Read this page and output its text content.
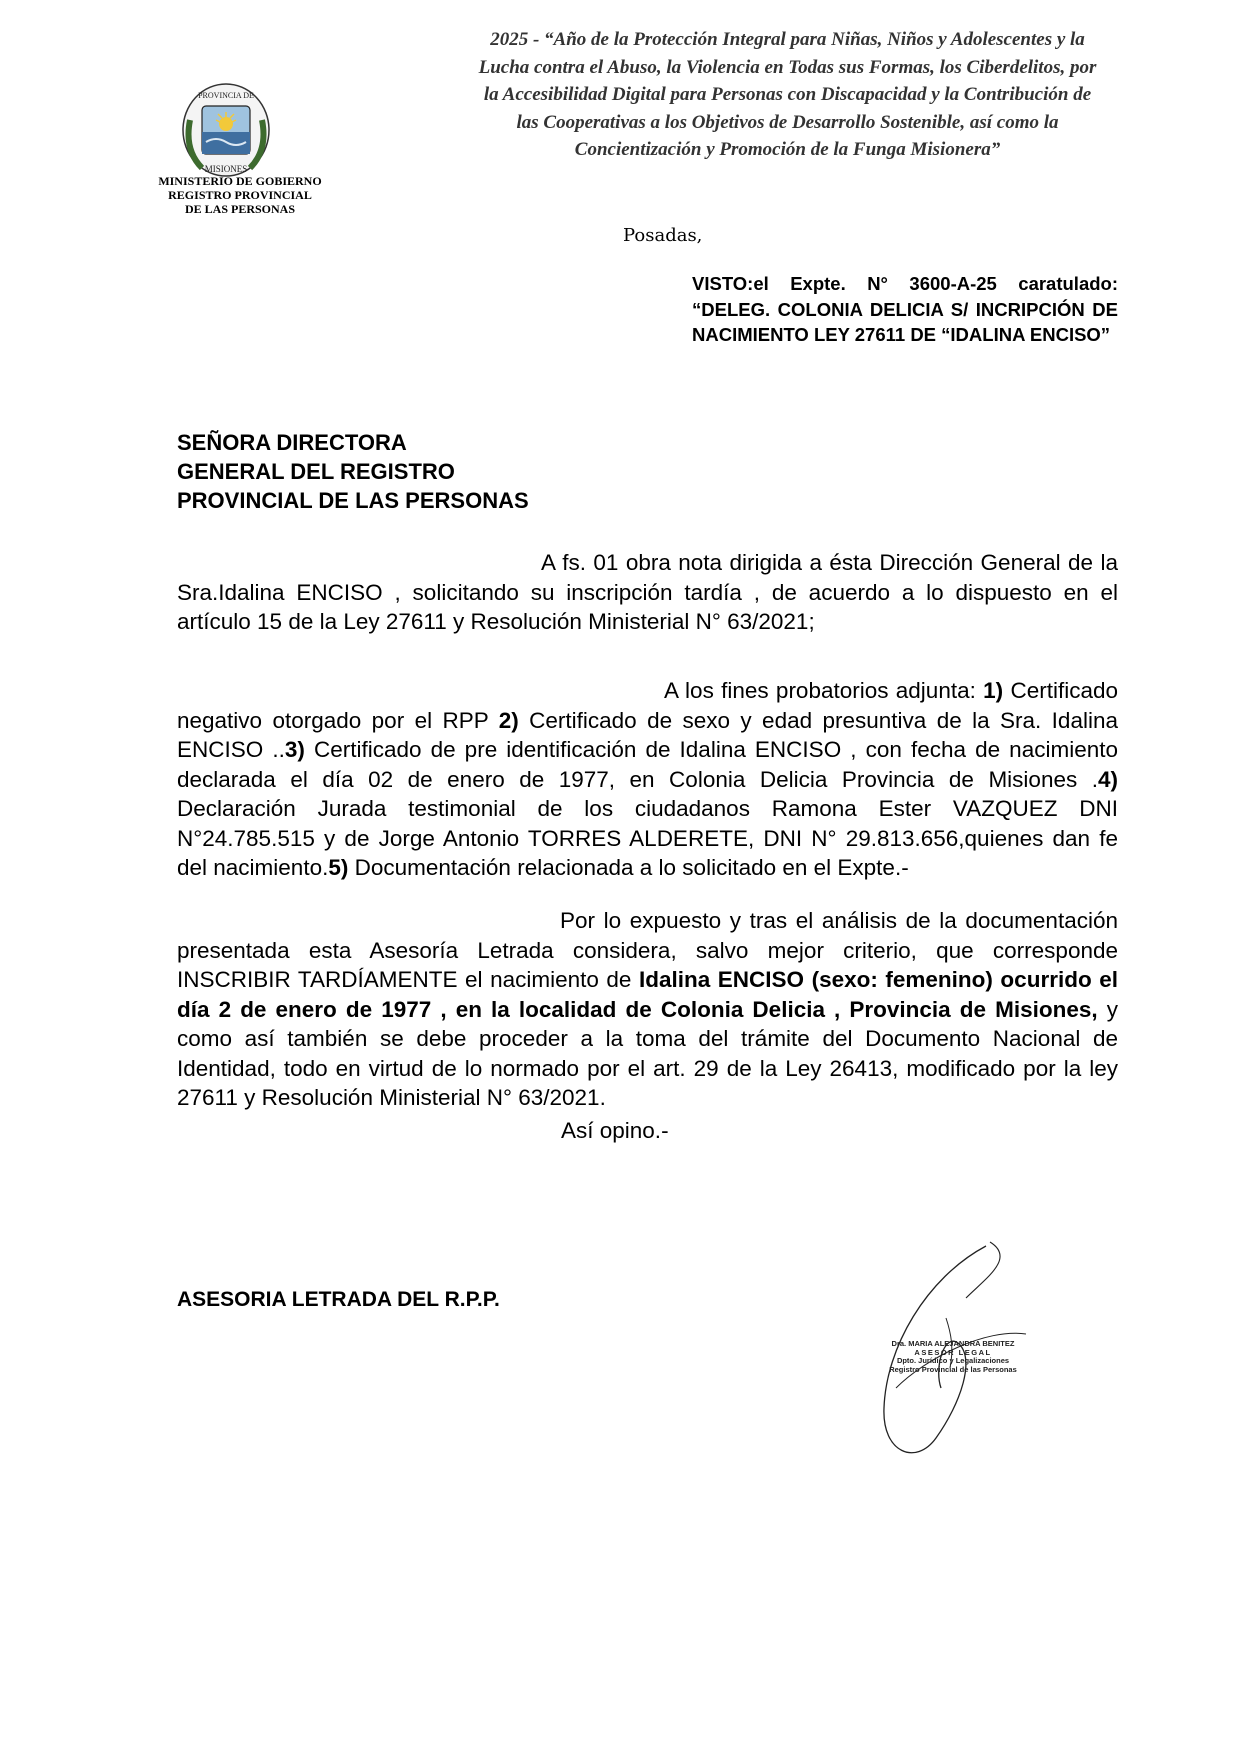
PROVINCIA DE
MISIONES
MINISTERIO DE GOBIERNO
REGISTRO PROVINCIAL
DE LAS PERSONAS
2025 - “Año de la Protección Integral para Niñas, Niños y Adolescentes y la
Lucha contra el Abuso, la Violencia en Todas sus Formas, los Ciberdelitos, por
la Accesibilidad Digital para Personas con Discapacidad y la Contribución de
las Cooperativas a los Objetivos de Desarrollo Sostenible, así como la
Concientización y Promoción de la Funga Misionera”
Posadas,
VISTO:el Expte. N° 3600-A-25 caratulado: “DELEG. COLONIA DELICIA S/ INCRIPCIÓN DE NACIMIENTO LEY 27611 DE “IDALINA ENCISO”
SEÑORA DIRECTORA
GENERAL DEL REGISTRO
PROVINCIAL DE LAS PERSONAS
A fs. 01 obra nota dirigida a ésta Dirección General de la Sra.Idalina ENCISO , solicitando su inscripción tardía , de acuerdo a lo dispuesto en el artículo 15 de la Ley 27611 y Resolución Ministerial N° 63/2021;
A los fines probatorios adjunta: 1) Certificado negativo otorgado por el RPP 2) Certificado de sexo y edad presuntiva de la Sra. Idalina ENCISO ..3) Certificado de pre identificación de Idalina ENCISO , con fecha de nacimiento declarada el día 02 de enero de 1977, en Colonia Delicia Provincia de Misiones .4) Declaración Jurada testimonial de los ciudadanos Ramona Ester VAZQUEZ DNI N°24.785.515 y de Jorge Antonio TORRES ALDERETE, DNI N° 29.813.656,quienes dan fe del nacimiento.5) Documentación relacionada a lo solicitado en el Expte.-
Por lo expuesto y tras el análisis de la documentación presentada esta Asesoría Letrada considera, salvo mejor criterio, que corresponde INSCRIBIR TARDÍAMENTE el nacimiento de Idalina ENCISO (sexo: femenino) ocurrido el día 2 de enero de 1977 , en la localidad de Colonia Delicia , Provincia de Misiones, y como así también se debe proceder a la toma del trámite del Documento Nacional de Identidad, todo en virtud de lo normado por el art. 29 de la Ley 26413, modificado por la ley 27611 y Resolución Ministerial N° 63/2021.
Así opino.-
ASESORIA LETRADA DEL R.P.P.
Dra. MARIA ALEJANDRA BENITEZ
ASESOR LEGAL
Dpto. Jurídico y Legalizaciones
Registro Provincial de las Personas
